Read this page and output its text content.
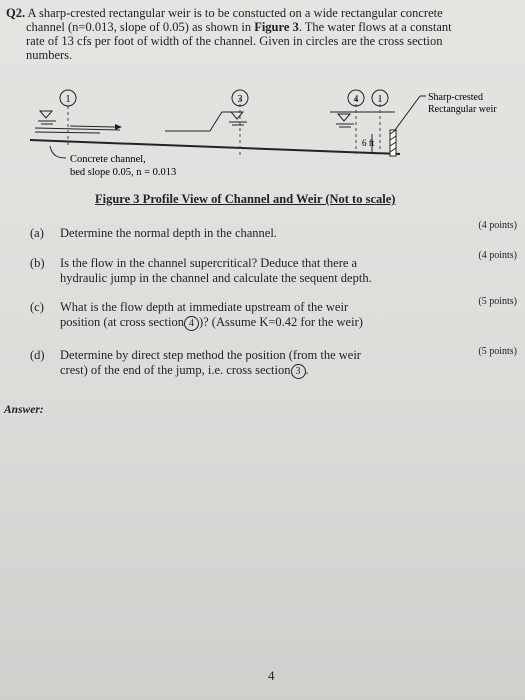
Q2. A sharp-crested rectangular weir is to be constucted on a wide rectangular concrete
channel (n=0.013, slope of 0.05) as shown in Figure 3. The water flows at a constant
rate of 13 cfs per foot of width of the channel. Given in circles are the cross section
numbers.
1	3	4 1
6 ft
Sharp-crested
Rectangular weir
Concrete channel,
bed slope 0.05, n = 0.013
Figure 3 Profile View of Channel and Weir (Not to scale)
(a) Determine the normal depth in the channel.
(4 points)
(b) Is the flow in the channel supercritical? Deduce that there a
hydraulic jump in the channel and calculate the sequent depth.
(4 points)
(c) What is the flow depth at immediate upstream of the weir
position (at cross section 4 )? (Assume K=0.42 for the weir)
(5 points)
(d) Determine by direct step method the position (from the weir
crest) of the end of the jump, i.e. cross section 3 .
(5 points)
Answer:
4
